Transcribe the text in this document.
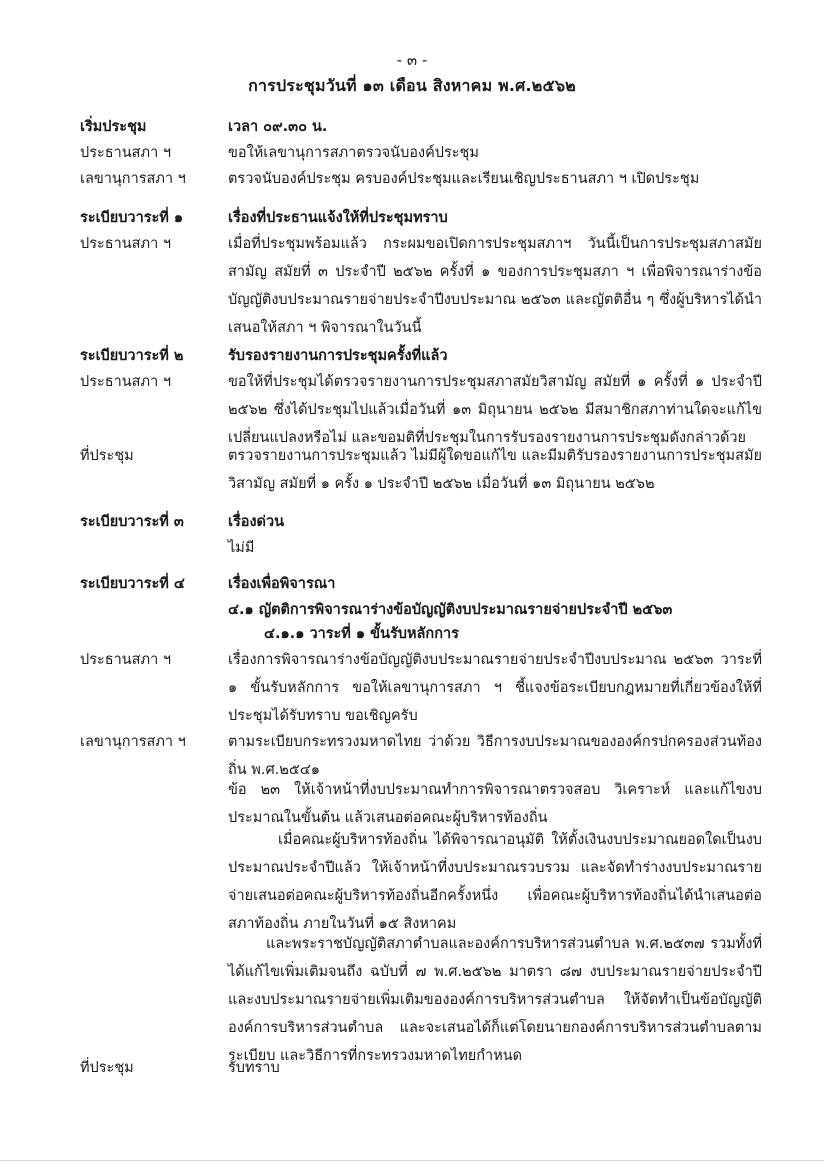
- ๓ -
การประชุมวันที่ ๑๓ เดือน สิงหาคม พ.ศ.๒๕๖๒
เริ่มประชุม	เวลา ๐๙.๓๐ น.
ประธานสภา ฯ	ขอให้เลขานุการสภาตรวจนับองค์ประชุม
เลขานุการสภา ฯ	ตรวจนับองค์ประชุม ครบองค์ประชุมและเรียนเชิญประธานสภา ฯ เปิดประชุม
ระเบียบวาระที่ ๑	เรื่องที่ประธานแจ้งให้ที่ประชุมทราบ
ประธานสภา ฯ	เมื่อที่ประชุมพร้อมแล้ว กระผมขอเปิดการประชุมสภาฯ วันนี้เป็นการประชุมสภาสมัยสามัญ สมัยที่ ๓ ประจำปี ๒๕๖๒ ครั้งที่ ๑ ของการประชุมสภา ฯ เพื่อพิจารณาร่างข้อบัญญัติงบประมาณรายจ่ายประจำปีงบประมาณ ๒๕๖๓ และญัตติอื่น ๆ ซึ่งผู้บริหารได้นำเสนอให้สภา ฯ พิจารณาในวันนี้
ระเบียบวาระที่ ๒	รับรองรายงานการประชุมครั้งที่แล้ว
ประธานสภา ฯ	ขอให้ที่ประชุมได้ตรวจรายงานการประชุมสภาสมัยวิสามัญ สมัยที่ ๑ ครั้งที่ ๑ ประจำปี ๒๕๖๒ ซึ่งได้ประชุมไปแล้วเมื่อวันที่ ๑๓ มิถุนายน ๒๕๖๒ มีสมาชิกสภาท่านใดจะแก้ไขเปลี่ยนแปลงหรือไม่ และขอมติที่ประชุมในการรับรองรายงานการประชุมดังกล่าวด้วย
ที่ประชุม	ตรวจรายงานการประชุมแล้ว ไม่มีผู้ใดขอแก้ไข และมีมติรับรองรายงานการประชุมสมัยวิสามัญ สมัยที่ ๑ ครั้ง ๑ ประจำปี ๒๕๖๒ เมื่อวันที่ ๑๓ มิถุนายน ๒๕๖๒
ระเบียบวาระที่ ๓	เรื่องด่วน
ไม่มี
ระเบียบวาระที่ ๔	เรื่องเพื่อพิจารณา
๔.๑ ญัตติการพิจารณาร่างข้อบัญญัติงบประมาณรายจ่ายประจำปี ๒๕๖๓
๔.๑.๑ วาระที่ ๑ ขั้นรับหลักการ
ประธานสภา ฯ	เรื่องการพิจารณาร่างข้อบัญญัติงบประมาณรายจ่ายประจำปีงบประมาณ ๒๕๖๓ วาระที่ ๑ ขั้นรับหลักการ ขอให้เลขานุการสภา ฯ ชี้แจงข้อระเบียบกฎหมายที่เกี่ยวข้องให้ที่ประชุมได้รับทราบ ขอเชิญครับ
เลขานุการสภา ฯ	ตามระเบียบกระทรวงมหาดไทย ว่าด้วย วิธีการงบประมาณขององค์กรปกครองส่วนท้องถิ่น พ.ศ.๒๕๔๑
ข้อ ๒๓ ให้เจ้าหน้าที่งบประมาณทำการพิจารณาตรวจสอบ วิเคราะห์ และแก้ไขงบประมาณในขั้นต้น แล้วเสนอต่อคณะผู้บริหารท้องถิ่น
เมื่อคณะผู้บริหารท้องถิ่น ได้พิจารณาอนุมัติ ให้ตั้งเงินงบประมาณยอดใดเป็นงบประมาณประจำปีแล้ว ให้เจ้าหน้าที่งบประมาณรวบรวม และจัดทำร่างงบประมาณรายจ่ายเสนอต่อคณะผู้บริหารท้องถิ่นอีกครั้งหนึ่ง เพื่อคณะผู้บริหารท้องถิ่นได้นำเสนอต่อสภาท้องถิ่น ภายในวันที่ ๑๕ สิงหาคม
และพระราชบัญญัติสภาตำบลและองค์การบริหารส่วนตำบล พ.ศ.๒๕๓๗ รวมทั้งที่ได้แก้ไขเพิ่มเติมจนถึง ฉบับที่ ๗ พ.ศ.๒๕๖๒ มาตรา ๘๗ งบประมาณรายจ่ายประจำปี และงบประมาณรายจ่ายเพิ่มเติมขององค์การบริหารส่วนตำบล ให้จัดทำเป็นข้อบัญญัติองค์การบริหารส่วนตำบล และจะเสนอได้ก็แต่โดยนายกองค์การบริหารส่วนตำบลตามระเบียบ และวิธีการที่กระทรวงมหาดไทยกำหนด
ที่ประชุม	รับทราบ
